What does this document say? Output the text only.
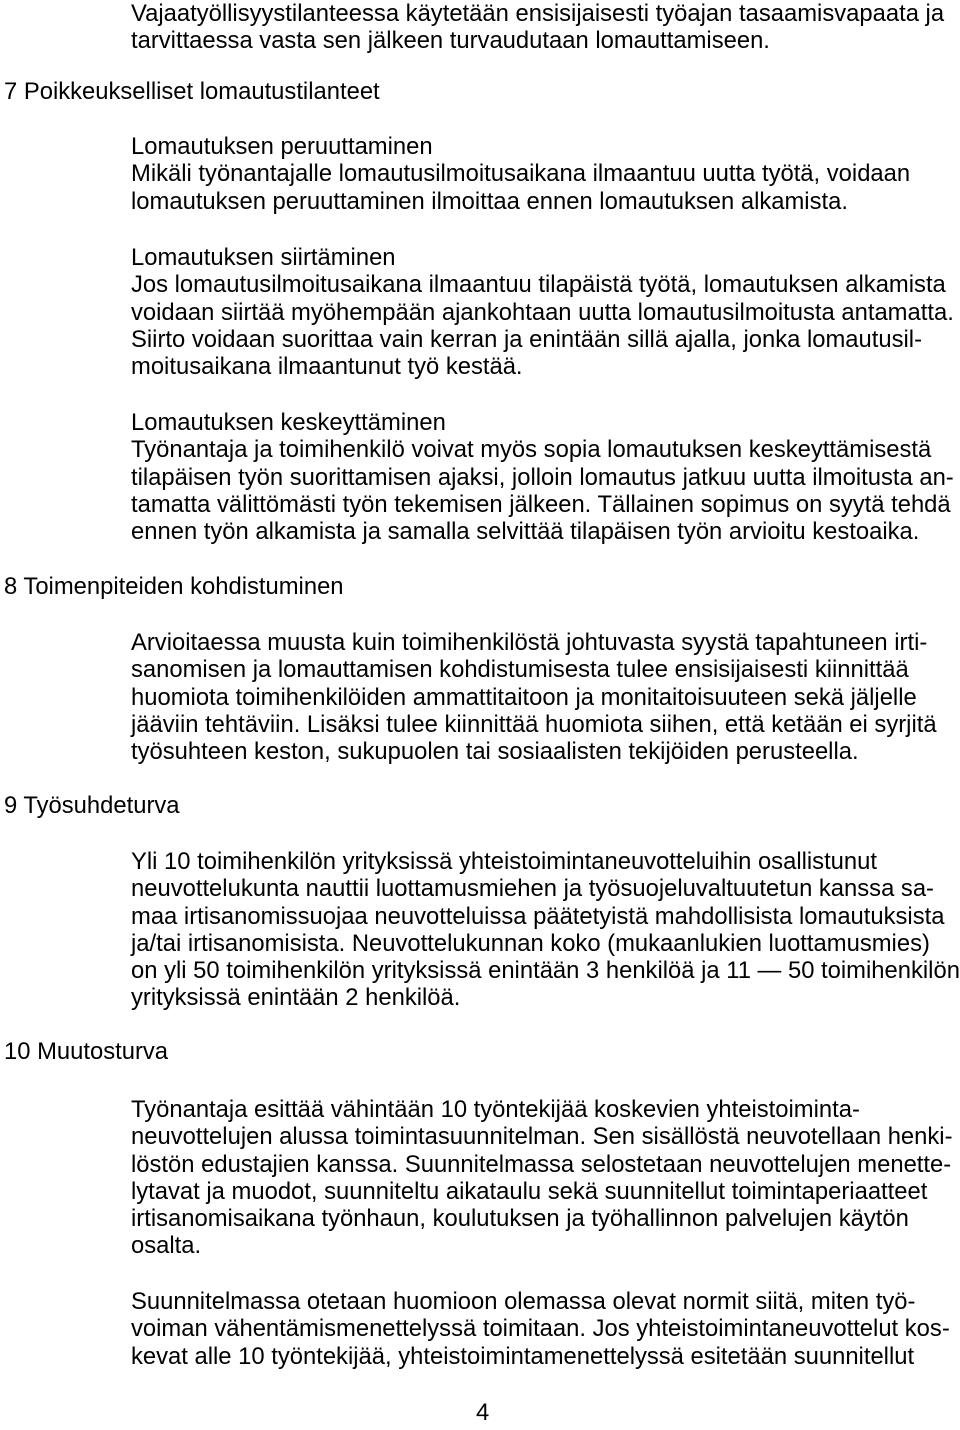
Vajaatyöllisyystilanteessa käytetään ensisijaisesti työajan tasaamisvapaata ja
tarvittaessa vasta sen jälkeen turvaudutaan lomauttamiseen.
7 Poikkeukselliset lomautustilanteet
Lomautuksen peruuttaminen
Mikäli työnantajalle lomautusilmoitusaikana ilmaantuu uutta työtä, voidaan
lomautuksen peruuttaminen ilmoittaa ennen lomautuksen alkamista.
Lomautuksen siirtäminen
Jos lomautusilmoitusaikana ilmaantuu tilapäistä työtä, lomautuksen alkamista
voidaan siirtää myöhempään ajankohtaan uutta lomautusilmoitusta antamatta.
Siirto voidaan suorittaa vain kerran ja enintään sillä ajalla, jonka lomautusil-
moitusaikana ilmaantunut työ kestää.
Lomautuksen keskeyttäminen
Työnantaja ja toimihenkilö voivat myös sopia lomautuksen keskeyttämisestä
tilapäisen työn suorittamisen ajaksi, jolloin lomautus jatkuu uutta ilmoitusta an-
tamatta välittömästi työn tekemisen jälkeen. Tällainen sopimus on syytä tehdä
ennen työn alkamista ja samalla selvittää tilapäisen työn arvioitu kestoaika.
8 Toimenpiteiden kohdistuminen
Arvioitaessa muusta kuin toimihenkilöstä johtuvasta syystä tapahtuneen irti-
sanomisen ja lomauttamisen kohdistumisesta tulee ensisijaisesti kiinnittää
huomiota toimihenkilöiden ammattitaitoon ja monitaitoisuuteen sekä jäljelle
jääviin tehtäviin. Lisäksi tulee kiinnittää huomiota siihen, että ketään ei syrjitä
työsuhteen keston, sukupuolen tai sosiaalisten tekijöiden perusteella.
9 Työsuhdeturva
Yli 10 toimihenkilön yrityksissä yhteistoimintaneuvotteluihin osallistunut
neuvottelukunta nauttii luottamusmiehen ja työsuojeluvaltuutetun kanssa sa-
maa irtisanomissuojaa neuvotteluissa päätetyistä mahdollisista lomautuksista
ja/tai irtisanomisista. Neuvottelukunnan koko (mukaanlukien luottamusmies)
on yli 50 toimihenkilön yrityksissä enintään 3 henkilöä ja 11 — 50 toimihenkilön
yrityksissä enintään 2 henkilöä.
10 Muutosturva
Työnantaja esittää vähintään 10 työntekijää koskevien yhteistoiminta-
neuvottelujen alussa toimintasuunnitelman. Sen sisällöstä neuvotellaan henki-
löstön edustajien kanssa. Suunnitelmassa selostetaan neuvottelujen menette-
lytavat ja muodot, suunniteltu aikataulu sekä suunnitellut toimintaperiaatteet
irtisanomisaikana työnhaun, koulutuksen ja työhallinnon palvelujen käytön
osalta.
Suunnitelmassa otetaan huomioon olemassa olevat normit siitä, miten työ-
voiman vähentämismenettelyssä toimitaan. Jos yhteistoimintaneuvottelut kos-
kevat alle 10 työntekijää, yhteistoimintamenettelyssä esitetään suunnitellut
4
